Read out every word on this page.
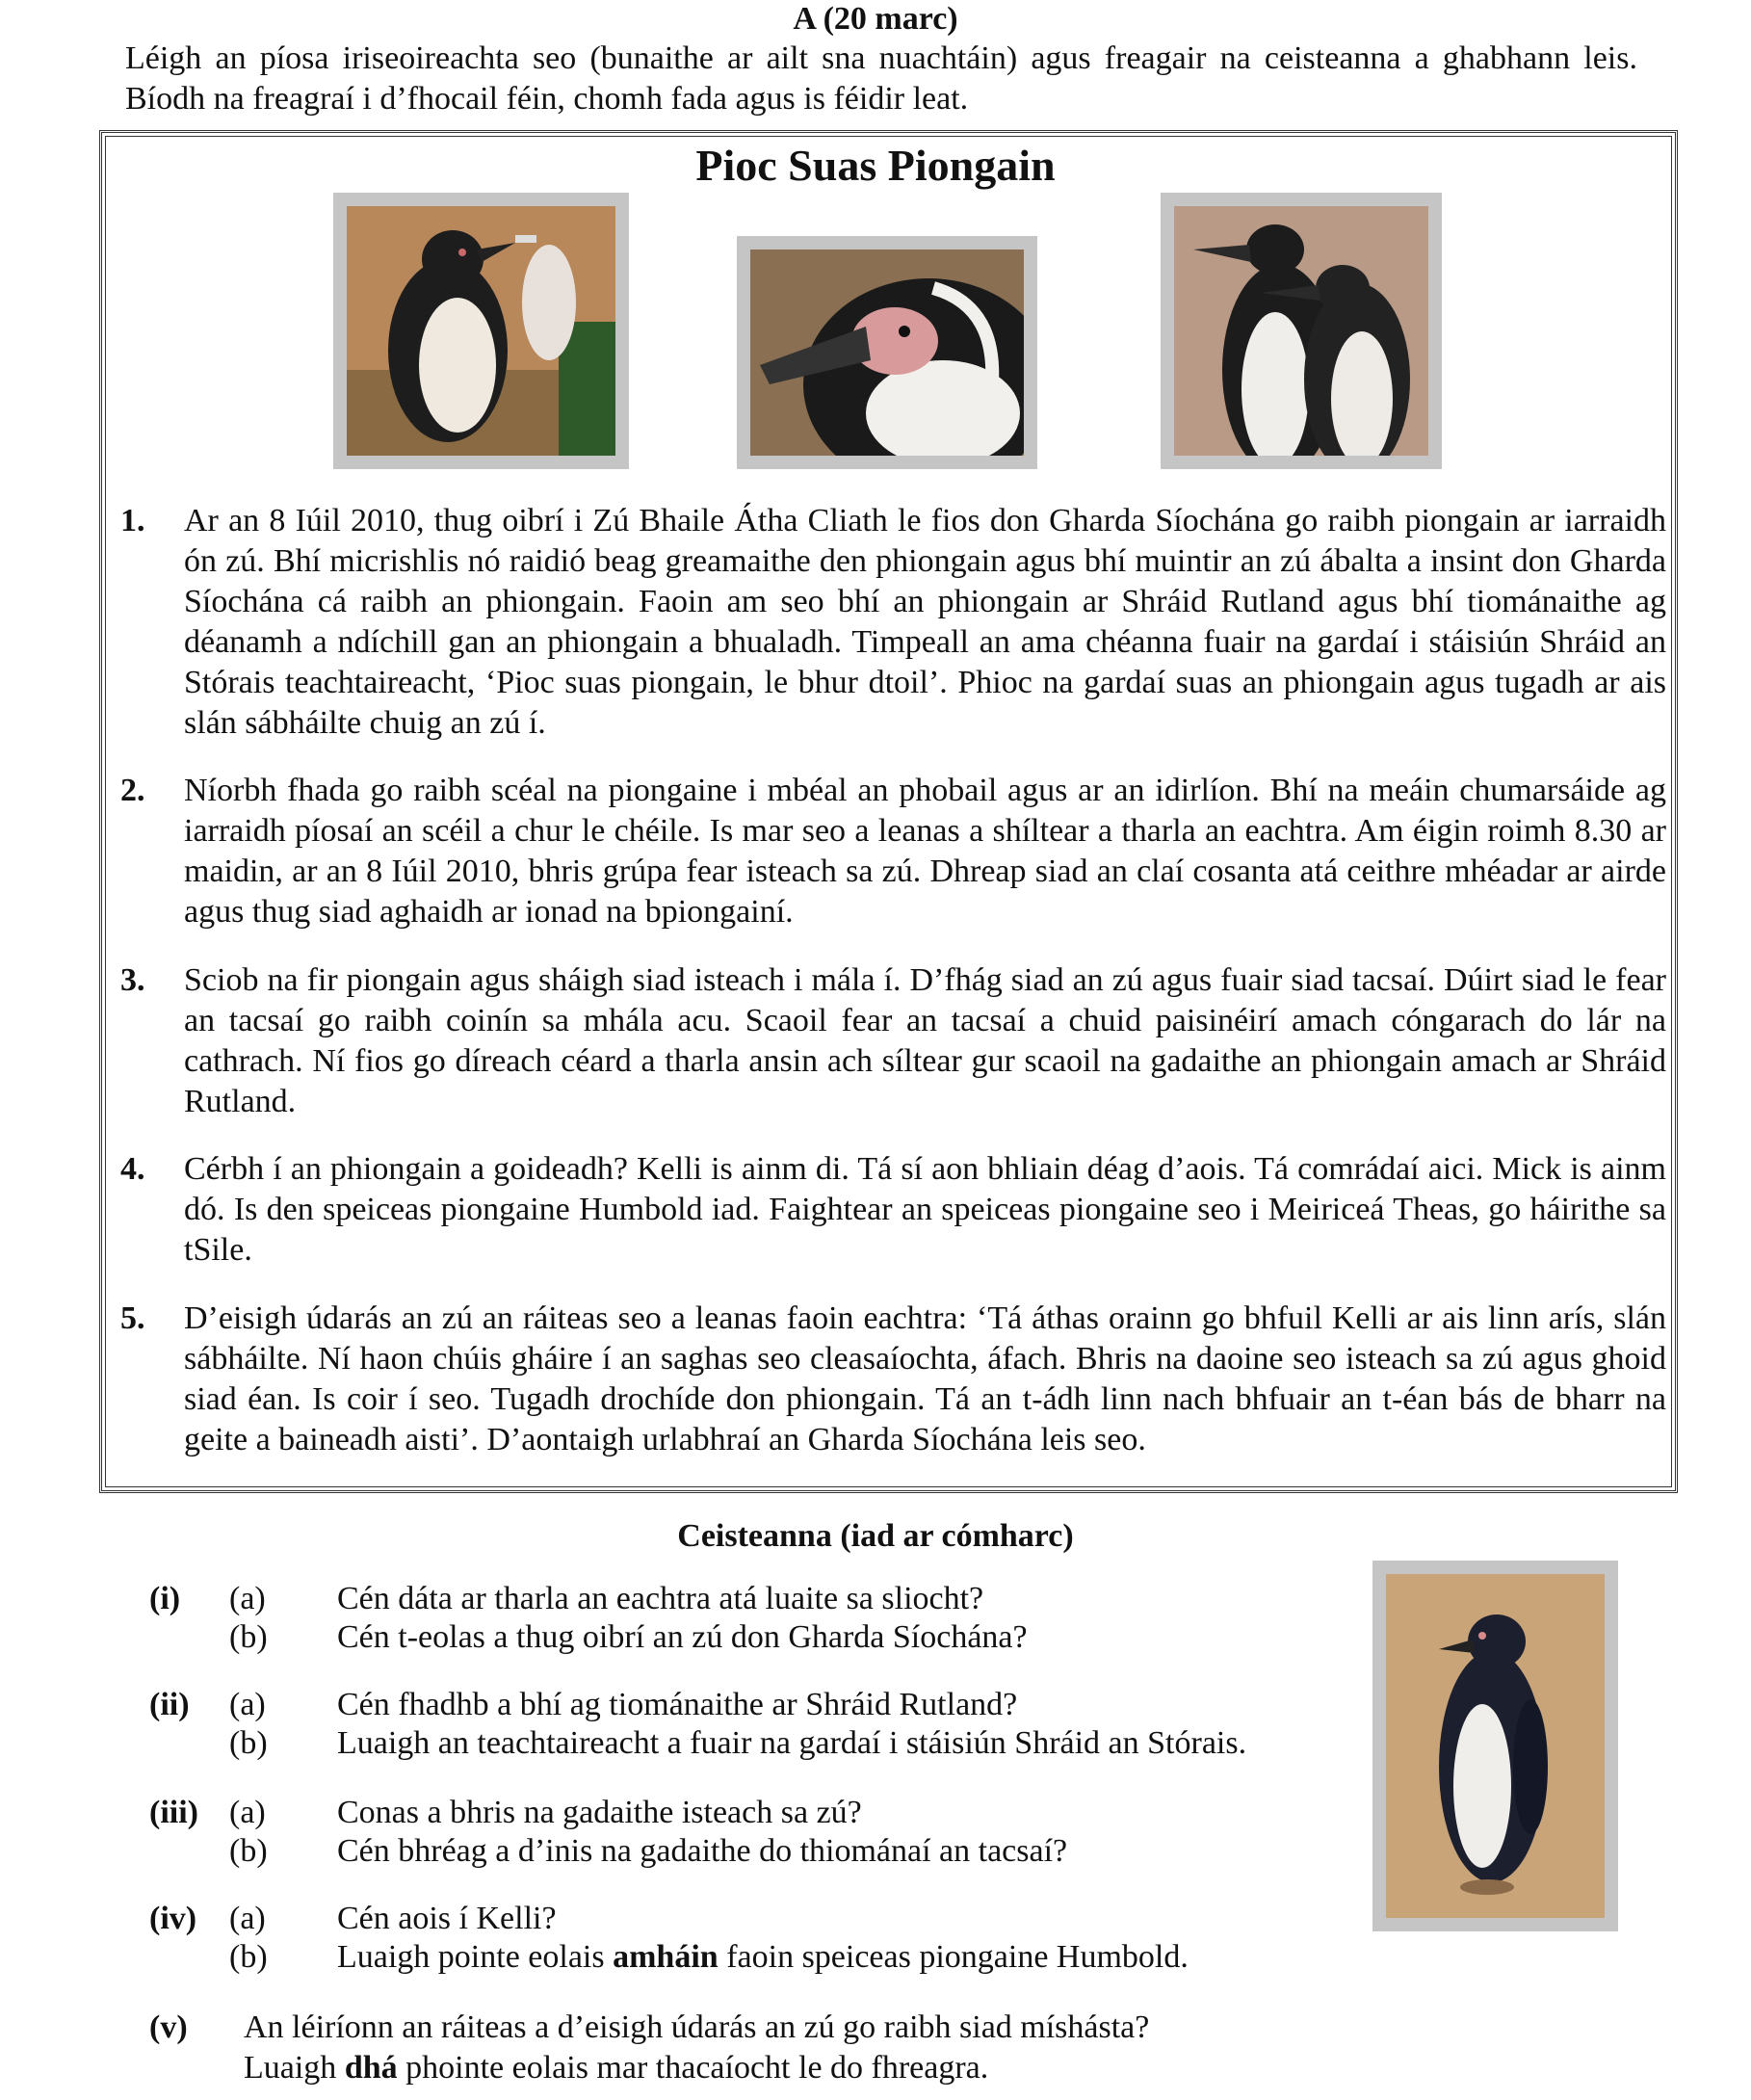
A (20 marc)
Léigh an píosa iriseoireachta seo (bunaithe ar ailt sna nuachtáin) agus freagair na ceisteanna a ghabhann leis. Bíodh na freagraí i d’fhocail féin, chomh fada agus is féidir leat.
Pioc Suas Piongain
1. Ar an 8 Iúil 2010, thug oibrí i Zú Bhaile Átha Cliath le fios don Gharda Síochána go raibh piongain ar iarraidh ón zú. Bhí micrishlis nó raidió beag greamaithe den phiongain agus bhí muintir an zú ábalta a insint don Gharda Síochána cá raibh an phiongain. Faoin am seo bhí an phiongain ar Shráid Rutland agus bhí tiománaithe ag déanamh a ndíchill gan an phiongain a bhualadh. Timpeall an ama chéanna fuair na gardaí i stáisiún Shráid an Stórais teachtaireacht, ‘Pioc suas piongain, le bhur dtoil’. Phioc na gardaí suas an phiongain agus tugadh ar ais slán sábháilte chuig an zú í.
2. Níorbh fhada go raibh scéal na piongaine i mbéal an phobail agus ar an idirlíon. Bhí na meáin chumarsáide ag iarraidh píosaí an scéil a chur le chéile. Is mar seo a leanas a shíltear a tharla an eachtra. Am éigin roimh 8.30 ar maidin, ar an 8 Iúil 2010, bhris grúpa fear isteach sa zú. Dhreap siad an claí cosanta atá ceithre mhéadar ar airde agus thug siad aghaidh ar ionad na bpiongainí.
3. Sciob na fir piongain agus sháigh siad isteach i mála í. D’fhág siad an zú agus fuair siad tacsaí. Dúirt siad le fear an tacsaí go raibh coinín sa mhála acu. Scaoil fear an tacsaí a chuid paisinéirí amach cóngarach do lár na cathrach. Ní fios go díreach céard a tharla ansin ach síltear gur scaoil na gadaithe an phiongain amach ar Shráid Rutland.
4. Cérbh í an phiongain a goideadh? Kelli is ainm di. Tá sí aon bhliain déag d’aois. Tá comrádaí aici. Mick is ainm dó. Is den speiceas piongaine Humbold iad. Faightear an speiceas piongaine seo i Meiriceá Theas, go háirithe sa tSile.
5. D’eisigh údarás an zú an ráiteas seo a leanas faoin eachtra: ‘Tá áthas orainn go bhfuil Kelli ar ais linn arís, slán sábháilte. Ní haon chúis gháire í an saghas seo cleasaíochta, áfach. Bhris na daoine seo isteach sa zú agus ghoid siad éan. Is coir í seo. Tugadh drochíde don phiongain. Tá an t-ádh linn nach bhfuair an t-éan bás de bharr na geite a baineadh aisti’. D’aontaigh urlabhraí an Gharda Síochána leis seo.
Ceisteanna (iad ar cómharc)
(i) (a) Cén dáta ar tharla an eachtra atá luaite sa sliocht?
(b) Cén t-eolas a thug oibrí an zú don Gharda Síochána?
(ii) (a) Cén fhadhb a bhí ag tiománaithe ar Shráid Rutland?
(b) Luaigh an teachtaireacht a fuair na gardaí i stáisiún Shráid an Stórais.
(iii) (a) Conas a bhris na gadaithe isteach sa zú?
(b) Cén bhréag a d’inis na gadaithe do thiománaí an tacsaí?
(iv) (a) Cén aois í Kelli?
(b) Luaigh pointe eolais amháin faoin speiceas piongaine Humbold.
(v) An léiríonn an ráiteas a d’eisigh údarás an zú go raibh siad míshásta?
Luaigh dhá phointe eolais mar thacaíocht le do fhreagra.
